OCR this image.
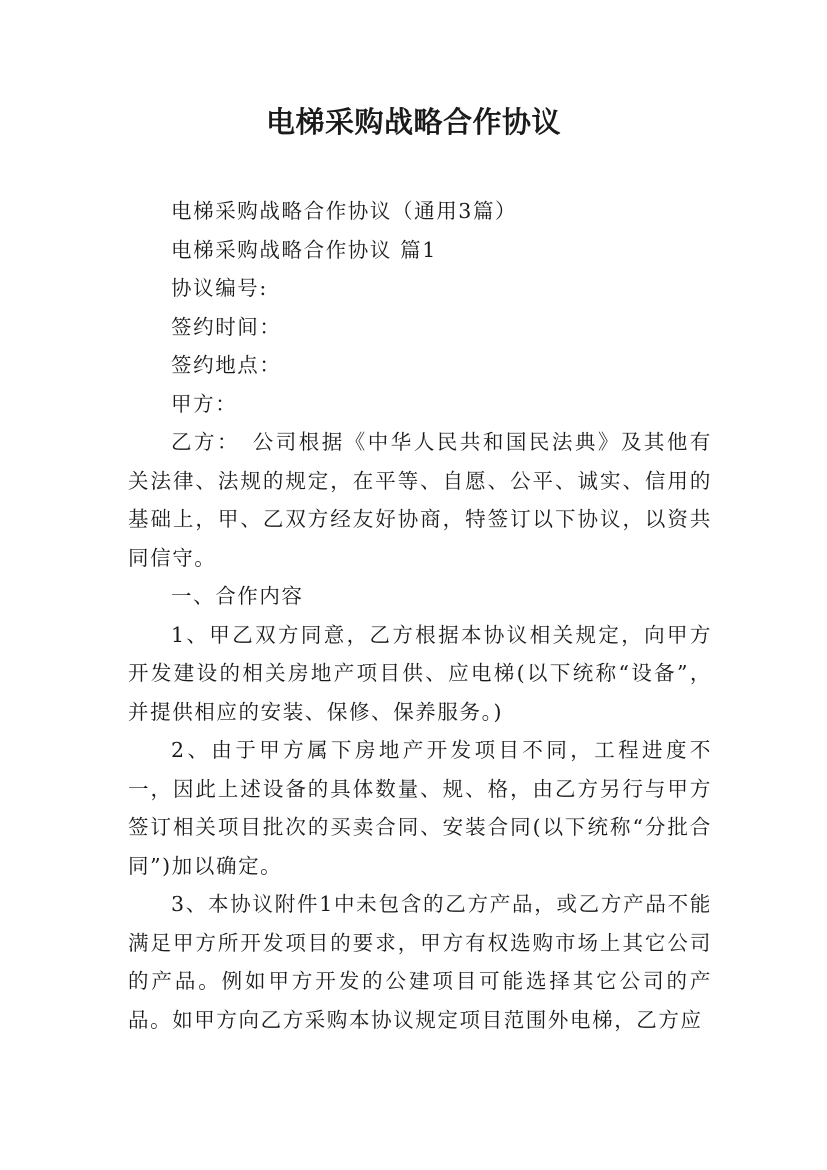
电梯采购战略合作协议

电梯采购战略合作协议（通用3篇）

电梯采购战略合作协议 篇1

协议编号:

签约时间：

签约地点：

甲方：

乙方：　公司根据《中华人民共和国民法典》及其他有关法律、法规的规定，在平等、自愿、公平、诚实、信用的基础上，甲、乙双方经友好协商，特签订以下协议，以资共同信守。

一、合作内容

1、甲乙双方同意，乙方根据本协议相关规定，向甲方开发建设的相关房地产项目供、应电梯(以下统称“设备”，并提供相应的安装、保修、保养服务。)

2、由于甲方属下房地产开发项目不同，工程进度不一，因此上述设备的具体数量、规、格，由乙方另行与甲方签订相关项目批次的买卖合同、安装合同(以下统称“分批合同”)加以确定。

3、本协议附件1中未包含的乙方产品，或乙方产品不能满足甲方所开发项目的要求，甲方有权选购市场上其它公司的产品。例如甲方开发的公建项目可能选择其它公司的产品。如甲方向乙方采购本协议规定项目范围外电梯，乙方应
